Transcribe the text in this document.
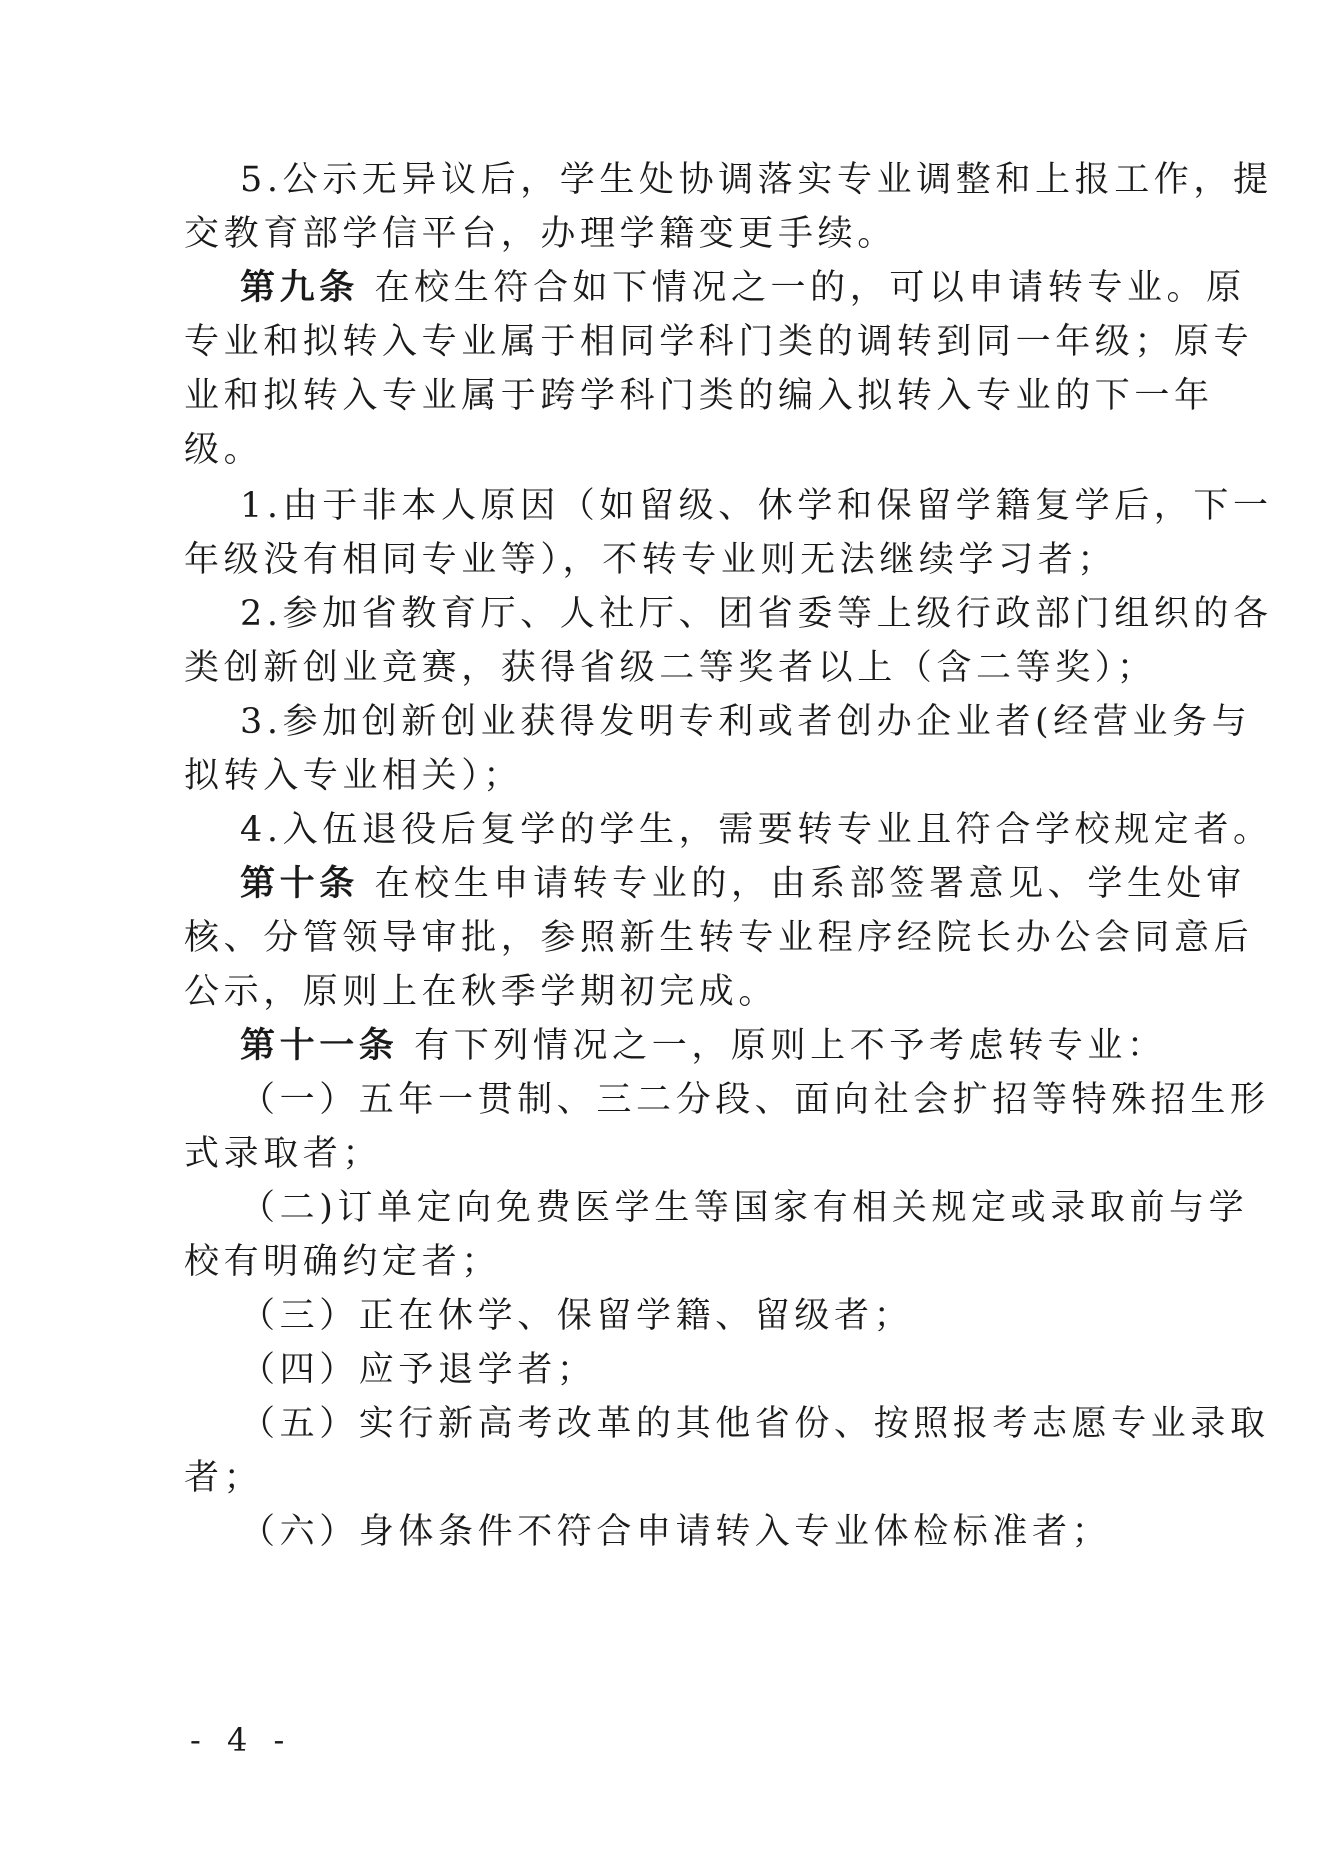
5.公示无异议后，学生处协调落实专业调整和上报工作，提
交教育部学信平台，办理学籍变更手续。
第九条 在校生符合如下情况之一的，可以申请转专业。原
专业和拟转入专业属于相同学科门类的调转到同一年级；原专
业和拟转入专业属于跨学科门类的编入拟转入专业的下一年
级。
1.由于非本人原因（如留级、休学和保留学籍复学后，下一
年级没有相同专业等），不转专业则无法继续学习者；
2.参加省教育厅、人社厅、团省委等上级行政部门组织的各
类创新创业竞赛，获得省级二等奖者以上（含二等奖）；
3.参加创新创业获得发明专利或者创办企业者(经营业务与
拟转入专业相关）；
4.入伍退役后复学的学生，需要转专业且符合学校规定者。
第十条 在校生申请转专业的，由系部签署意见、学生处审
核、分管领导审批，参照新生转专业程序经院长办公会同意后
公示，原则上在秋季学期初完成。
第十一条 有下列情况之一，原则上不予考虑转专业：
（一）五年一贯制、三二分段、面向社会扩招等特殊招生形
式录取者；
（二)订单定向免费医学生等国家有相关规定或录取前与学
校有明确约定者；
（三）正在休学、保留学籍、留级者；
（四）应予退学者；
（五）实行新高考改革的其他省份、按照报考志愿专业录取
者；
（六）身体条件不符合申请转入专业体检标准者；
- 4 -
